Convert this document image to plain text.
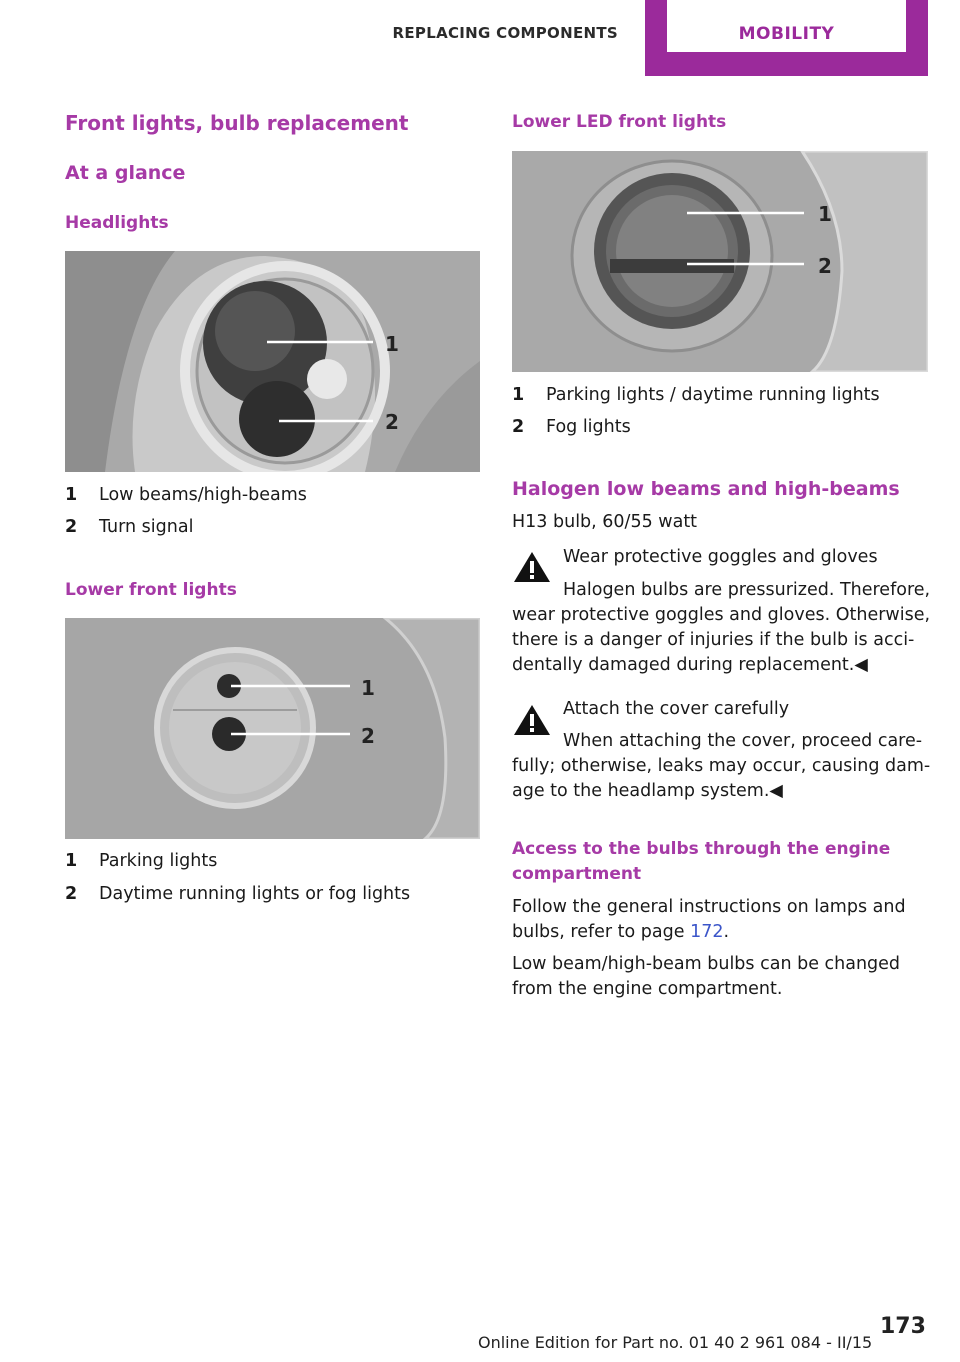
REPLACING COMPONENTS	MOBILITY
Front lights, bulb replacement
At a glance
Headlights
1
2
1 Low beams/high-beams
2 Turn signal
Lower front lights
1
2
1 Parking lights
2 Daytime running lights or fog lights
Lower LED front lights
1
2
1 Parking lights / daytime running lights
2 Fog lights
Halogen low beams and high-beams
H13 bulb, 60/55 watt
Wear protective goggles and gloves
Halogen bulbs are pressurized. Therefore,
wear protective goggles and gloves. Otherwise, there is a danger of injuries if the bulb is acci‐dentally damaged during replacement.◀
Attach the cover carefully
When attaching the cover, proceed care‐
fully; otherwise, leaks may occur, causing dam‐age to the headlamp system.◀
Access to the bulbs through the engine
compartment
Follow the general instructions on lamps and bulbs, refer to page 172.
Low beam/high-beam bulbs can be changed from the engine compartment.
173
Online Edition for Part no. 01 40 2 961 084 - II/15
